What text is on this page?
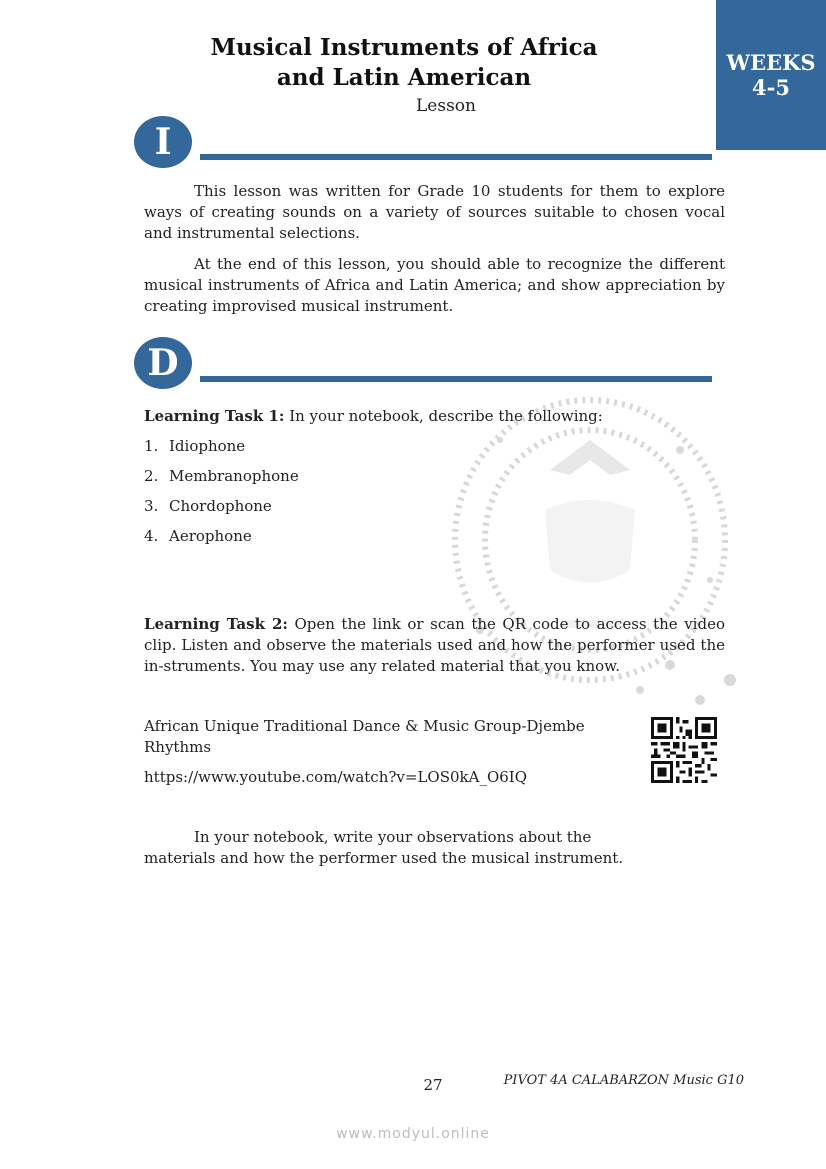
Musical Instruments of Africa
and Latin American
Lesson
WEEKS
4-5
I

This lesson was written for Grade 10 students for them to explore ways of creating sounds on a variety of sources suitable to chosen vocal and instrumental selections.

At the end of this lesson, you should able to recognize the different musical instruments of Africa and Latin America; and show appreciation by creating improvised musical instrument.

D

Learning Task 1: In your notebook, describe the following:

1. Idiophone
2. Membranophone
3. Chordophone
4. Aerophone

Learning Task 2: Open the link or scan the QR code to access the video clip. Listen and observe the materials used and how the performer used the in-struments. You may use any related material that you know.

African Unique Traditional Dance & Music Group-Djembe
Rhythms

https://www.youtube.com/watch?v=LOS0kA_O6IQ

In your notebook, write your observations about the

materials and how the performer used the musical instrument.

27	PIVOT 4A CALABARZON Music G10
www.modyul.online
